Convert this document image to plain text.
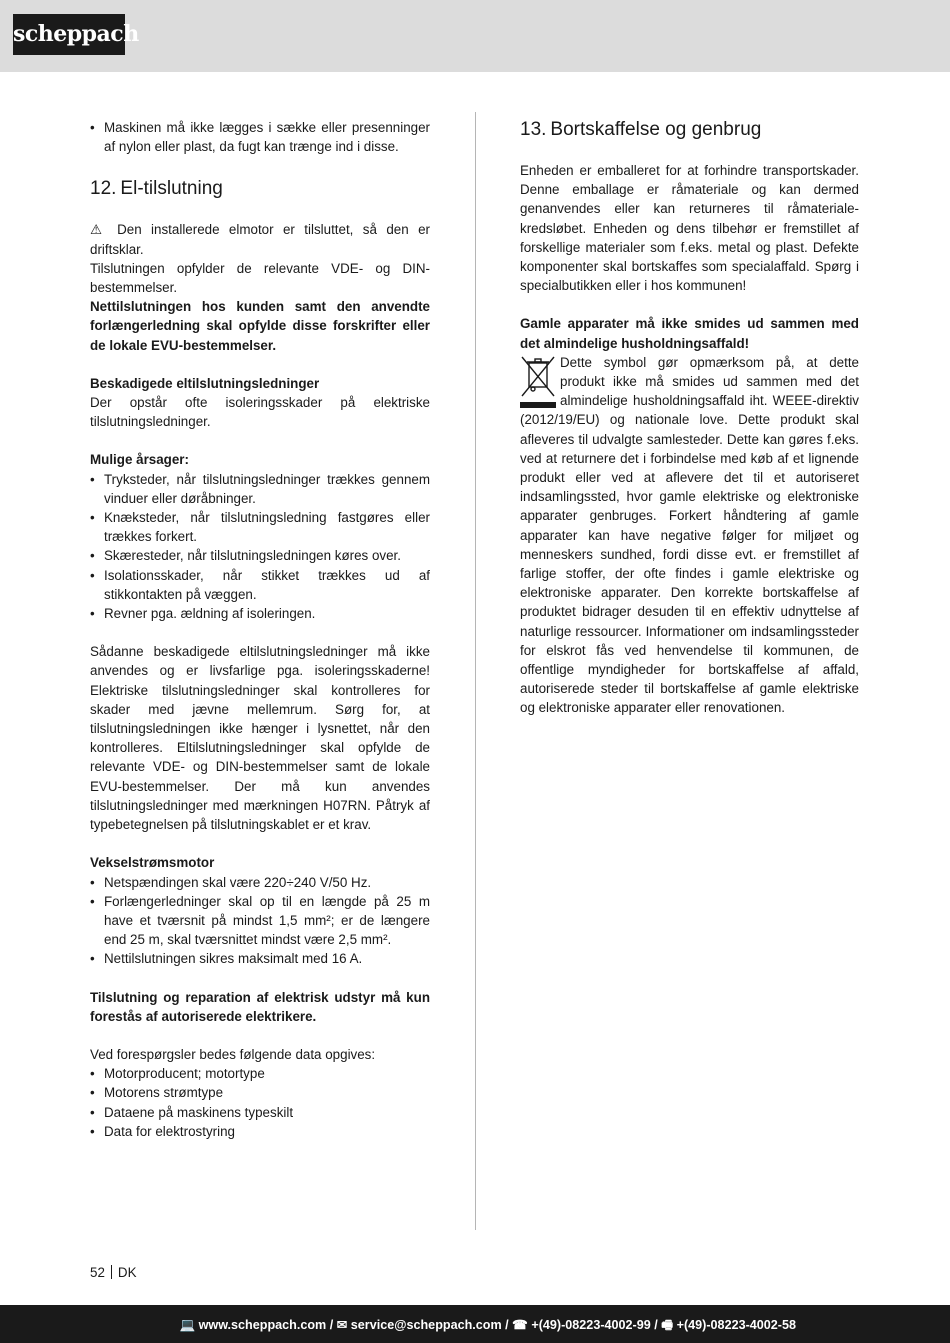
scheppach
• Maskinen må ikke lægges i sække eller presenninger af nylon eller plast, da fugt kan trænge ind i disse.
12. El-tilslutning

⚠ Den installerede elmotor er tilsluttet, så den er driftsklar.

Tilslutningen opfylder de relevante VDE- og DIN-bestemmelser.

Nettilslutningen hos kunden samt den anvendte forlængerledning skal opfylde disse forskrifter eller de lokale EVU-bestemmelser.

Beskadigede eltilslutningsledninger

Der opstår ofte isoleringsskader på elektriske tilslutningsledninger.

Mulige årsager:

• Tryksteder, når tilslutningsledninger trækkes gennem vinduer eller døråbninger.
• Knæksteder, når tilslutningsledning fastgøres eller trækkes forkert.
• Skæresteder, når tilslutningsledningen køres over.
• Isolationsskader, når stikket trækkes ud af stikkontakten på væggen.
• Revner pga. ældning af isoleringen.

Sådanne beskadigede eltilslutningsledninger må ikke anvendes og er livsfarlige pga. isoleringsskaderne! Elektriske tilslutningsledninger skal kontrolleres for skader med jævne mellemrum. Sørg for, at tilslutningsledningen ikke hænger i lysnettet, når den kontrolleres. Eltilslutningsledninger skal opfylde de relevante VDE- og DIN-bestemmelser samt de lokale EVU-bestemmelser. Der må kun anvendes tilslutningsledninger med mærkningen H07RN. Påtryk af typebetegnelsen på tilslutningskablet er et krav.

Vekselstrømsmotor

• Netspændingen skal være 220÷240 V/50 Hz.
• Forlængerledninger skal op til en længde på 25 m have et tværsnit på mindst 1,5 mm²; er de længere end 25 m, skal tværsnittet mindst være 2,5 mm².
• Nettilslutningen sikres maksimalt med 16 A.

Tilslutning og reparation af elektrisk udstyr må kun forestås af autoriserede elektrikere.

Ved forespørgsler bedes følgende data opgives:

• Motorproducent; motortype
• Motorens strømtype
• Dataene på maskinens typeskilt
• Data for elektrostyring
13. Bortskaffelse og genbrug

Enheden er emballeret for at forhindre transportskader. Denne emballage er råmateriale og kan dermed genanvendes eller kan returneres til råmateriale-kredsløbet. Enheden og dens tilbehør er fremstillet af forskellige materialer som f.eks. metal og plast. Defekte komponenter skal bortskaffes som specialaffald. Spørg i specialbutikken eller i hos kommunen!

Gamle apparater må ikke smides ud sammen med det almindelige husholdningsaffald!

Dette symbol gør opmærksom på, at dette produkt ikke må smides ud sammen med det almindelige husholdningsaffald iht. WEEE-direktiv (2012/19/EU) og nationale love. Dette produkt skal afleveres til udvalgte samlesteder. Dette kan gøres f.eks. ved at returnere det i forbindelse med køb af et lignende produkt eller ved at aflevere det til et autoriseret indsamlingssted, hvor gamle elektriske og elektroniske apparater genbruges. Forkert håndtering af gamle apparater kan have negative følger for miljøet og menneskers sundhed, fordi disse evt. er fremstillet af farlige stoffer, der ofte findes i gamle elektriske og elektroniske apparater. Den korrekte bortskaffelse af produktet bidrager desuden til en effektiv udnyttelse af naturlige ressourcer. Informationer om indsamlingssteder for elskrot fås ved henvendelse til kommunen, de offentlige myndigheder for bortskaffelse af affald, autoriserede steder til bortskaffelse af gamle elektriske og elektroniske apparater eller renovationen.

52 DK
💻 www.scheppach.com / ✉ service@scheppach.com / ☎ +(49)-08223-4002-99 / 🖷 +(49)-08223-4002-58
